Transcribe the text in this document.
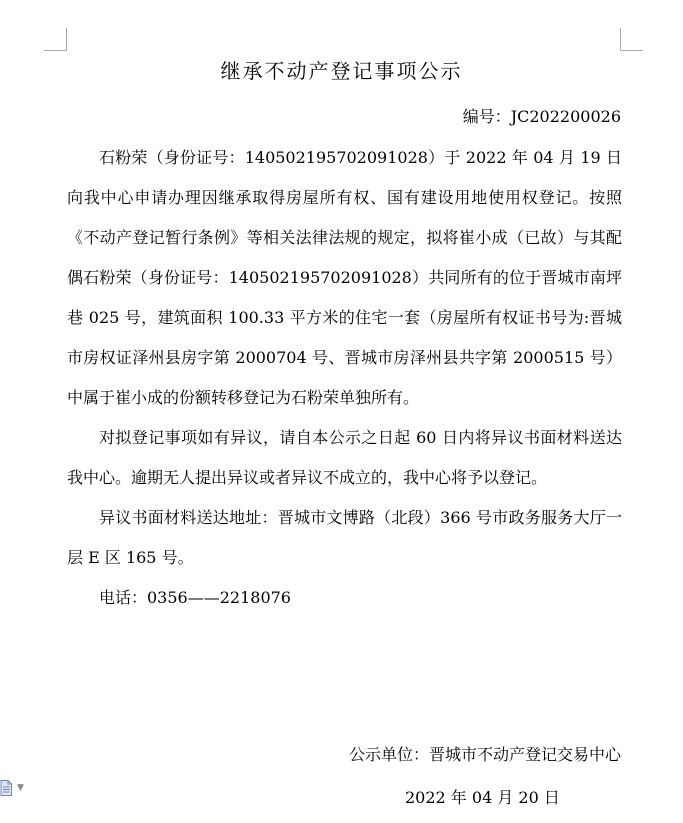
继承不动产登记事项公示
编号：JC202200026

石粉荣（身份证号：140502195702091028）于 2022 年 04 月 19 日向我中心申请办理因继承取得房屋所有权、国有建设用地使用权登记。按照《不动产登记暂行条例》等相关法律法规的规定，拟将崔小成（已故）与其配偶石粉荣（身份证号：140502195702091028）共同所有的位于晋城市南坪巷 025 号，建筑面积 100.33 平方米的住宅一套（房屋所有权证书号为:晋城市房权证泽州县房字第 2000704 号、晋城市房泽州县共字第 2000515 号）中属于崔小成的份额转移登记为石粉荣单独所有。

对拟登记事项如有异议，请自本公示之日起 60 日内将异议书面材料送达我中心。逾期无人提出异议或者异议不成立的，我中心将予以登记。

异议书面材料送达地址：晋城市文博路（北段）366 号市政务服务大厅一层 E 区 165 号。

电话：0356——2218076

公示单位：晋城市不动产登记交易中心
2022 年 04 月 20 日
▼
